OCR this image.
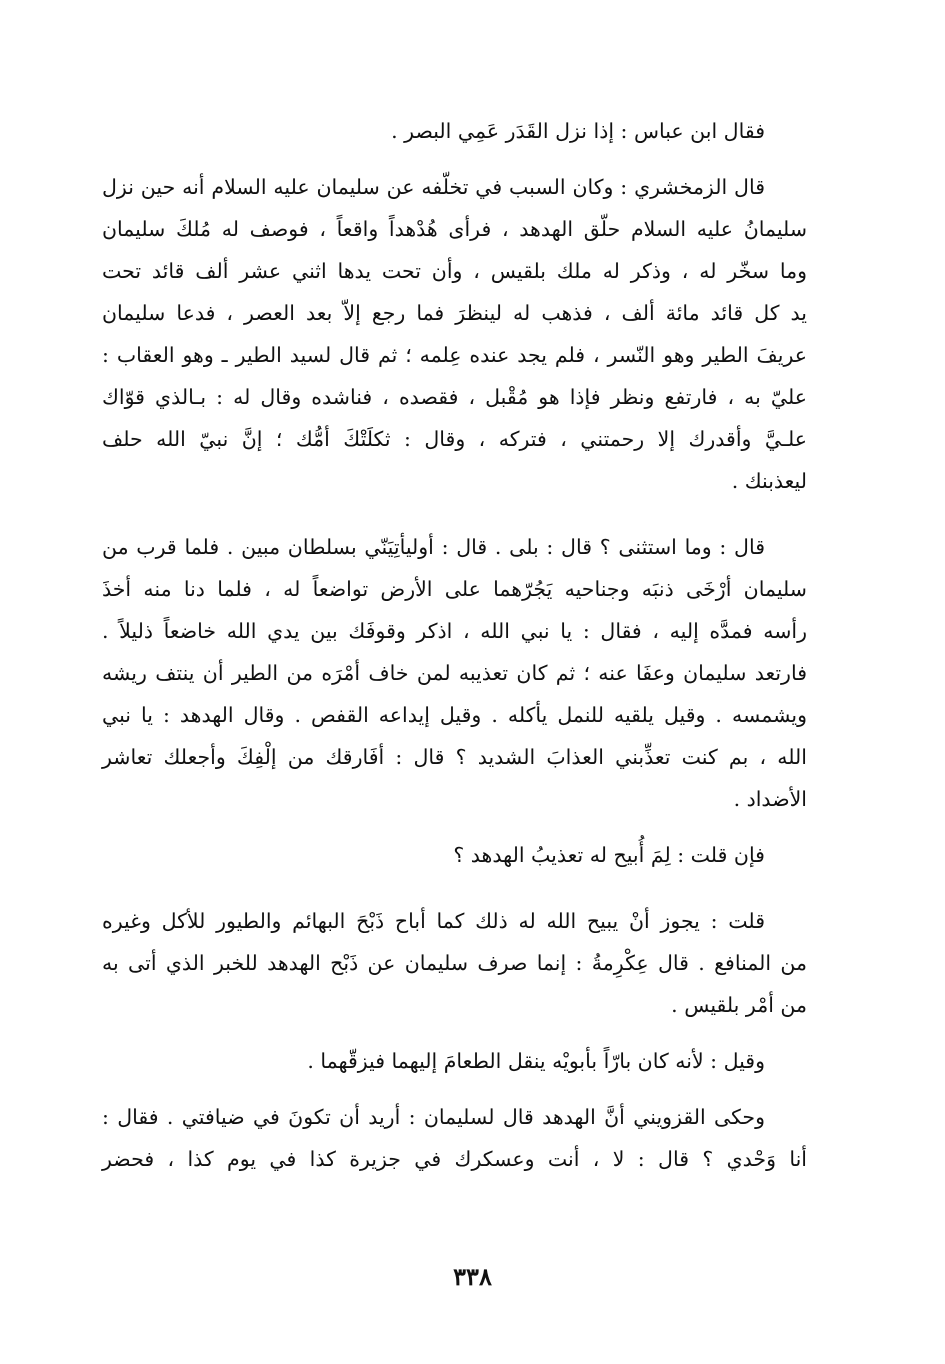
فقال ابن عباس : إذا نزل القَدَر عَمِي البصر .
قال الزمخشري : وكان السبب في تخلّفه عن سليمان عليه السلام أنه حين نزل
سليمانُ عليه السلام حلّق الهدهد ، فرأى هُدْهداً واقعاً ، فوصف له مُلكَ سليمان
وما سخّر له ، وذكر له ملك بلقيس ، وأن تحت يدها اثني عشر ألف قائد تحت
يد كل قائد مائة ألف ، فذهب له لينظرَ فما رجع إلاّ بعد العصر ، فدعا سليمان
عريفَ الطير وهو النّسر ، فلم يجد عنده عِلمه ؛ ثم قال لسيد الطير ـ وهو العقاب :
عليّ به ، فارتفع ونظر فإذا هو مُقْبل ، فقصده ، فناشده وقال له : بـالذي قوّاك
علـيَّ وأقدرك إلا رحمتني ، فتركه ، وقال : ثكلَتْكَ أمُّك ؛ إنَّ نبيّ الله حلف
ليعذبنك .
قال : وما استثنى ؟ قال : بلى . قال : أوليأتِيَنّي بسلطان مبين . فلما قرب من
سليمان أرْخَى ذنبَه وجناحيه يَجُرّهما على الأرض تواضعاً له ، فلما دنا منه أخذَ
رأسه فمدَّه إليه ، فقال : يا نبي الله ، اذكر وقوفَك بين يدي الله خاضعاً ذليلاً .
فارتعد سليمان وعفَا عنه ؛ ثم كان تعذيبه لمن خاف أمْرَه من الطير أن ينتف ريشه
ويشمسه . وقيل يلقيه للنمل يأكله . وقيل إيداعه القفص . وقال الهدهد : يا نبي
الله ، بم كنت تعذِّبني العذابَ الشديد ؟ قال : أفَارقك من إلْفِكَ وأجعلك تعاشر
الأضداد .
فإن قلت : لِمَ أُبيح له تعذيبُ الهدهد ؟
قلت : يجوز أنْ يبيح الله له ذلك كما أباح ذَبْحَ البهائم والطيور للأكل وغيره
من المنافع . قال عِكْرِمةُ : إنما صرف سليمان عن ذَبْح الهدهد للخبر الذي أتى به
من أمْر بلقيس .
وقيل : لأنه كان بارّاً بأبويْه ينقل الطعامَ إليهما فيزقّهما .
وحكى القزويني أنَّ الهدهد قال لسليمان : أريد أن تكونَ في ضيافتي . فقال :
أنا وَحْدي ؟ قال : لا ، أنت وعسكرك في جزيرة كذا في يوم كذا ، فحضر
٣٣٨
